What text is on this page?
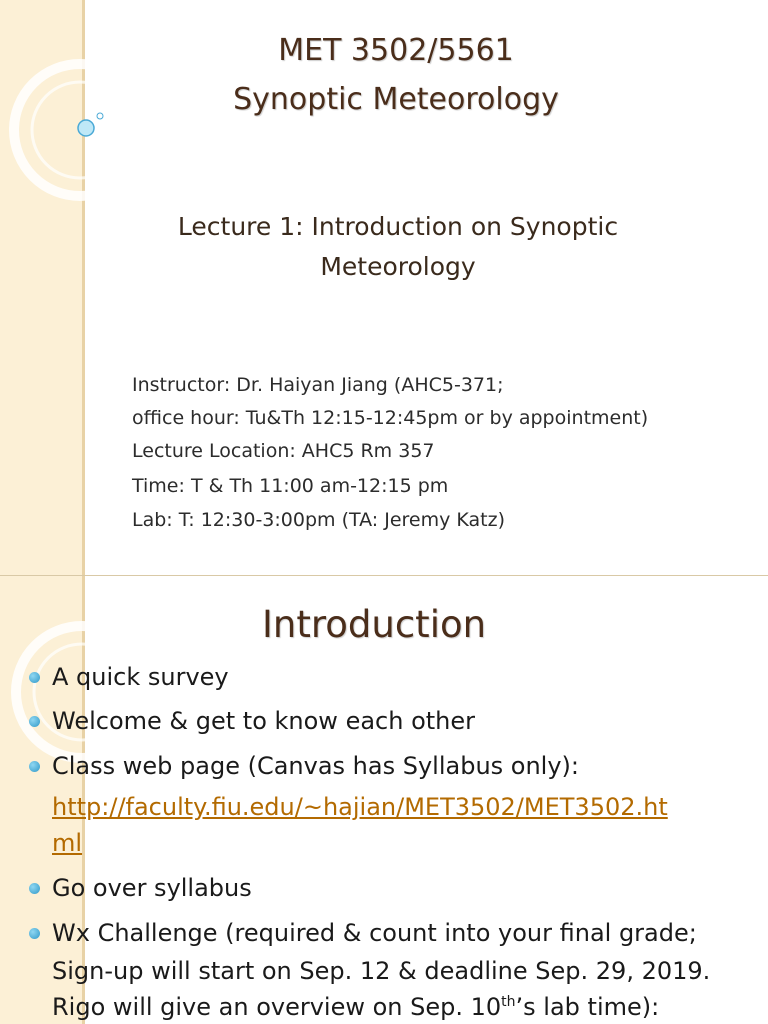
MET 3502/5561
Synoptic Meteorology
Lecture 1: Introduction on Synoptic
Meteorology
Instructor: Dr. Haiyan Jiang (AHC5-371;
office hour: Tu&Th 12:15-12:45pm or by appointment)
Lecture Location: AHC5 Rm 357
Time: T & Th 11:00 am-12:15 pm
Lab: T: 12:30-3:00pm (TA: Jeremy Katz)
Introduction
A quick survey
Welcome & get to know each other
Class web page (Canvas has Syllabus only):
http://faculty.fiu.edu/~hajian/MET3502/MET3502.ht
ml
Go over syllabus
Wx Challenge (required & count into your final grade;
Sign-up will start on Sep. 12 & deadline Sep. 29, 2019.
Rigo will give an overview on Sep. 10th’s lab time):
